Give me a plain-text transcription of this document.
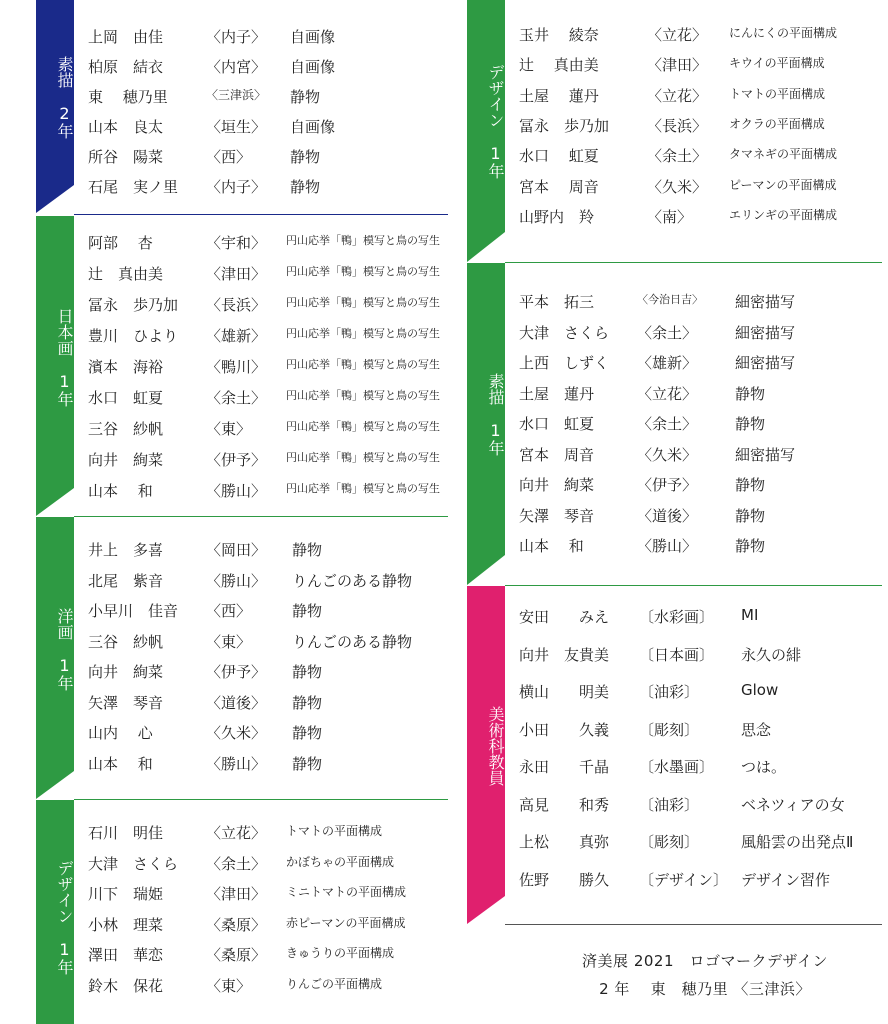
素描
2年
上岡　由佳	〈内子〉 自画像
柏原　結衣	〈内宮〉 自画像
東　 穂乃里	〈三津浜〉 静物
山本　良太	〈垣生〉 自画像
所谷　陽菜	〈西〉	静物
石尾　実ノ里 〈内子〉 静物
日本画
1年
阿部　 杏	〈宇和〉 円山応挙「鴨」模写と鳥の写生
辻　真由美	〈津田〉 円山応挙「鴨」模写と鳥の写生
冨永　歩乃加 〈長浜〉 円山応挙「鴨」模写と鳥の写生
豊川　ひより 〈雄新〉 円山応挙「鴨」模写と鳥の写生
濱本　海裕	〈鴨川〉 円山応挙「鴨」模写と鳥の写生
水口　虹夏	〈余土〉 円山応挙「鴨」模写と鳥の写生
三谷　紗帆	〈東〉	円山応挙「鴨」模写と鳥の写生
向井　絢菜	〈伊予〉 円山応挙「鴨」模写と鳥の写生
山本　 和	〈勝山〉 円山応挙「鴨」模写と鳥の写生
洋画
1年
井上　多喜	〈岡田〉 静物
北尾　紫音	〈勝山〉 りんごのある静物
小早川　佳音 〈西〉	静物
三谷　紗帆	〈東〉	りんごのある静物
向井　絢菜	〈伊予〉 静物
矢澤　琴音	〈道後〉 静物
山内　 心	〈久米〉 静物
山本　 和	〈勝山〉 静物
デザイン
1年
石川　明佳	〈立花〉 トマトの平面構成
大津　さくら 〈余土〉 かぼちゃの平面構成
川下　瑞姫	〈津田〉 ミニトマトの平面構成
小林　理菜	〈桑原〉 赤ピーマンの平面構成
澤田　華恋	〈桑原〉 きゅうりの平面構成
鈴木　保花	〈東〉	りんごの平面構成
デザイン
1年
玉井　 綾奈	〈立花〉 にんにくの平面構成
辻　 真由美	〈津田〉 キウイの平面構成
土屋　 蓮丹	〈立花〉 トマトの平面構成
冨永　歩乃加	〈長浜〉 オクラの平面構成
水口　 虹夏	〈余土〉 タマネギの平面構成
宮本　 周音	〈久米〉 ピーマンの平面構成
山野内　羚	〈南〉	エリンギの平面構成
素描
1年
平本　拓三	〈今治日吉〉 細密描写
大津　さくら 〈余土〉	細密描写
上西　しずく 〈雄新〉	細密描写
土屋　蓮丹	〈立花〉	静物
水口　虹夏	〈余土〉	静物
宮本　周音	〈久米〉	細密描写
向井　絢菜	〈伊予〉	静物
矢澤　琴音	〈道後〉	静物
山本　 和	〈勝山〉	静物
美術科教員
安田　　みえ 〔水彩画〕 MI
向井　友貴美 〔日本画〕 永久の緋
横山　　明美 〔油彩〕	Glow
小田　　久義 〔彫刻〕	思念
永田　　千晶 〔水墨画〕 つは。
高見　　和秀 〔油彩〕	ベネツィアの女
上松　　真弥 〔彫刻〕	風船雲の出発点Ⅱ
佐野　　勝久 〔デザイン〕 デザイン習作
済美展 2021　ロゴマークデザイン
2 年　 東　穂乃里 〈三津浜〉
